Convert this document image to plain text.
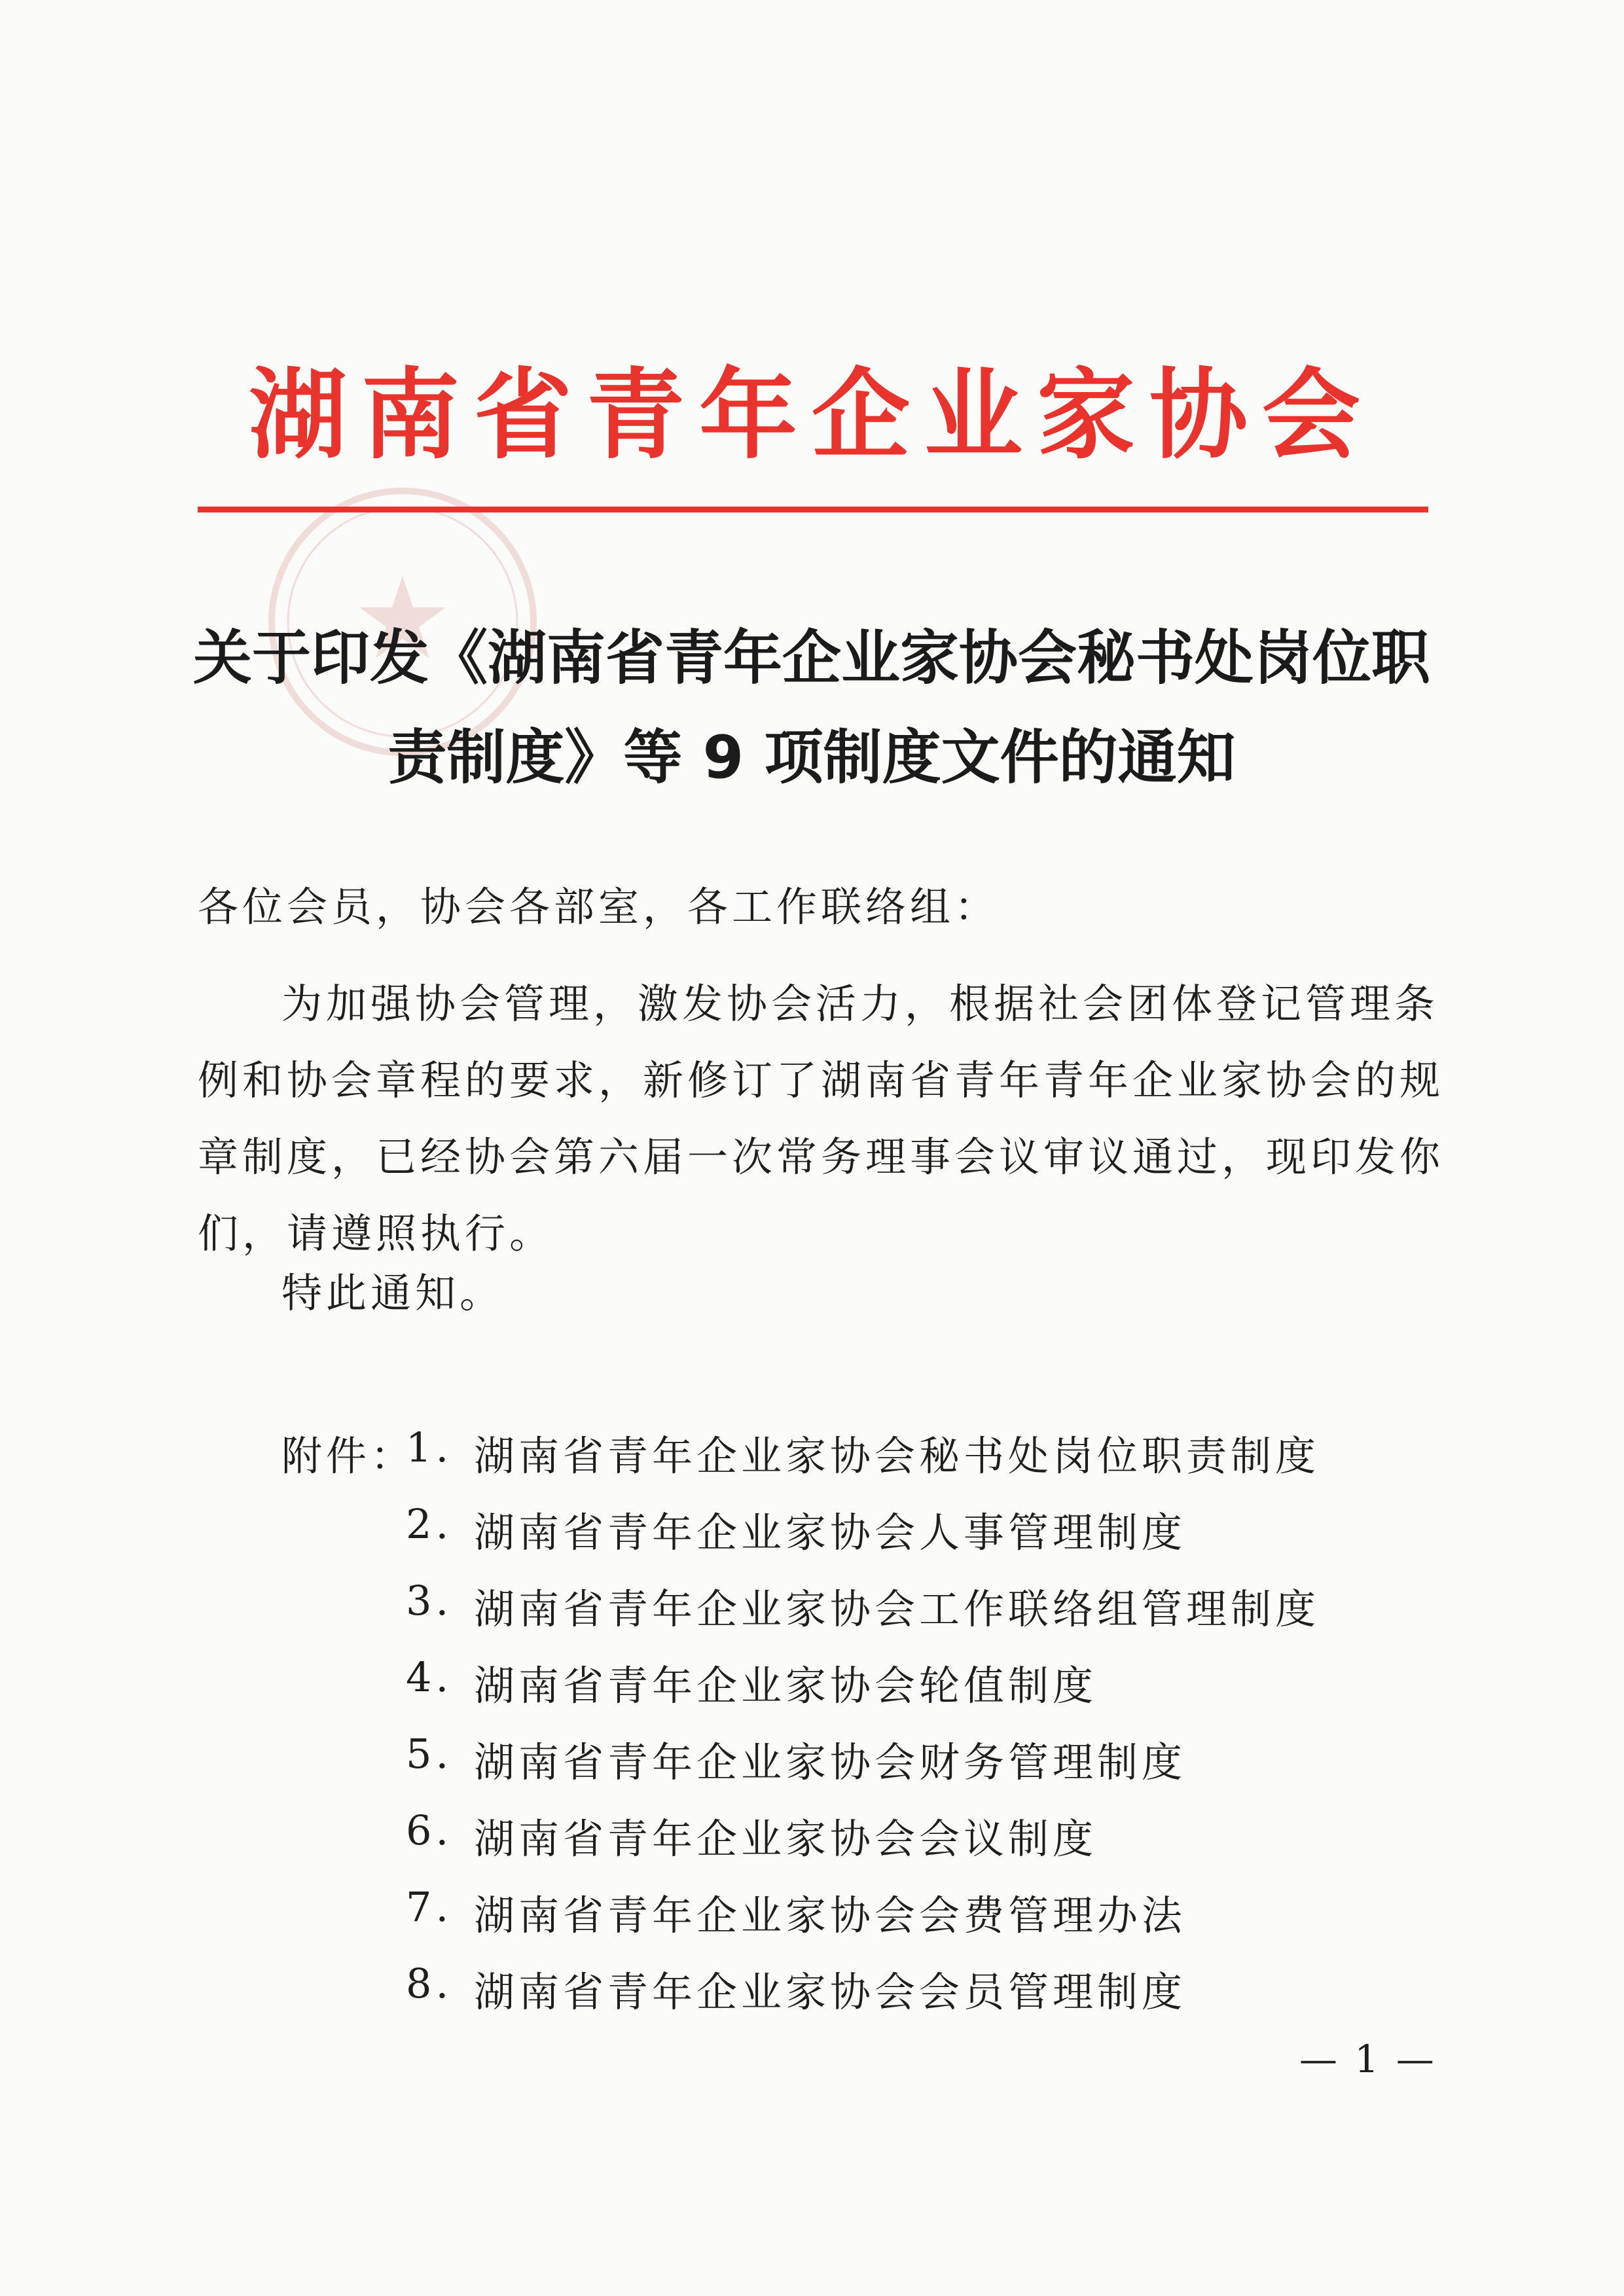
湖南省青年企业家协会
关于印发《湖南省青年企业家协会秘书处岗位职
责制度》等 9 项制度文件的通知
各位会员，协会各部室，各工作联络组：
为加强协会管理，激发协会活力，根据社会团体登记管理条
例和协会章程的要求，新修订了湖南省青年青年企业家协会的规
章制度，已经协会第六届一次常务理事会议审议通过，现印发你
们，请遵照执行。
特此通知。
附件：
1. 湖南省青年企业家协会秘书处岗位职责制度
2. 湖南省青年企业家协会人事管理制度
3. 湖南省青年企业家协会工作联络组管理制度
4. 湖南省青年企业家协会轮值制度
5. 湖南省青年企业家协会财务管理制度
6. 湖南省青年企业家协会会议制度
7. 湖南省青年企业家协会会费管理办法
8. 湖南省青年企业家协会会员管理制度
— 1 —
